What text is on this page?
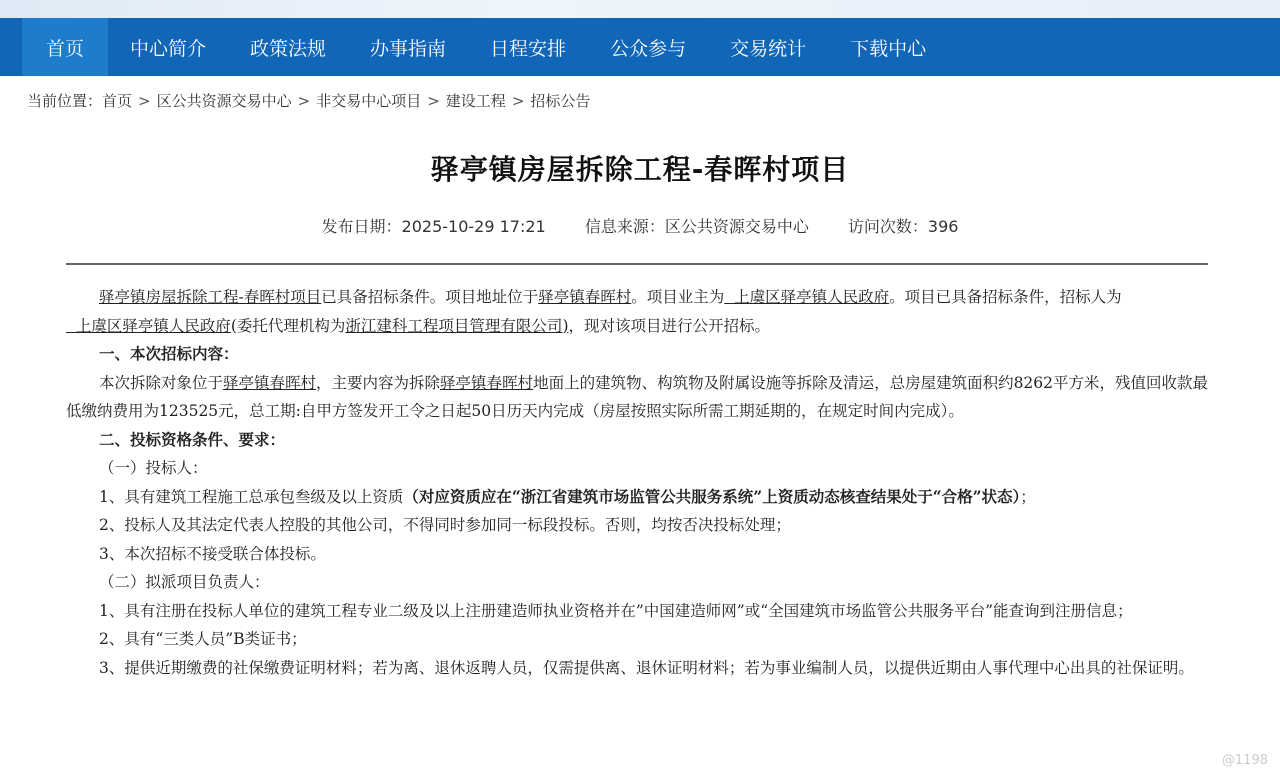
首页	中心简介	政策法规	办事指南	日程安排	公众参与	交易统计	下载中心
当前位置：首页 > 区公共资源交易中心 > 非交易中心项目 > 建设工程 > 招标公告
驿亭镇房屋拆除工程-春晖村项目
发布日期：2025-10-29 17:21 信息来源：区公共资源交易中心 访问次数：396

驿亭镇房屋拆除工程-春晖村项目已具备招标条件。项目地址位于驿亭镇春晖村。项目业主为  上虞区驿亭镇人民政府。项目已具备招标条件，招标人为  上虞区驿亭镇人民政府(委托代理机构为浙江建科工程项目管理有限公司)，现对该项目进行公开招标。

一、本次招标内容：

本次拆除对象位于驿亭镇春晖村，主要内容为拆除驿亭镇春晖村地面上的建筑物、构筑物及附属设施等拆除及清运，总房屋建筑面积约8262平方米，残值回收款最低缴纳费用为123525元，总工期:自甲方签发开工令之日起50日历天内完成（房屋按照实际所需工期延期的，在规定时间内完成）。

二、投标资格条件、要求：

（一）投标人：

1、具有建筑工程施工总承包叁级及以上资质（对应资质应在“浙江省建筑市场监管公共服务系统”上资质动态核查结果处于“合格”状态）；

2、投标人及其法定代表人控股的其他公司，不得同时参加同一标段投标。否则，均按否决投标处理；

3、本次招标不接受联合体投标。

（二）拟派项目负责人：

1、具有注册在投标人单位的建筑工程专业二级及以上注册建造师执业资格并在”中国建造师网”或“全国建筑市场监管公共服务平台”能查询到注册信息；

2、具有“三类人员”B类证书；

3、提供近期缴费的社保缴费证明材料；若为离、退休返聘人员，仅需提供离、退休证明材料；若为事业编制人员，以提供近期由人事代理中心出具的社保证明。

@1198
